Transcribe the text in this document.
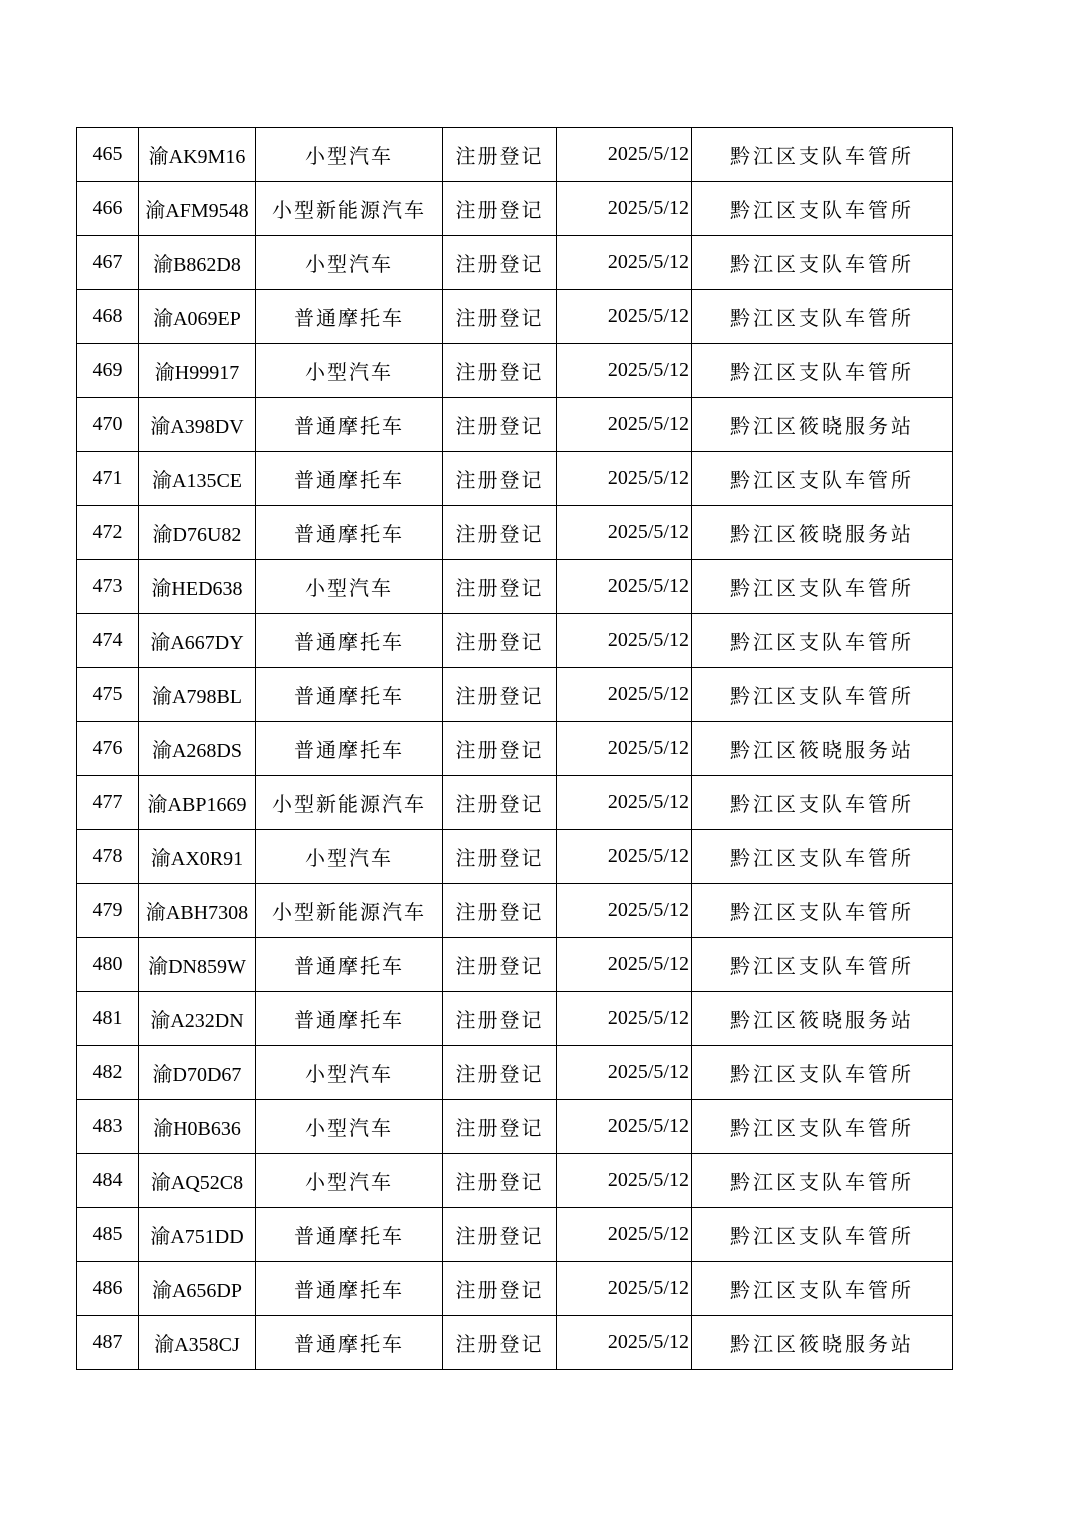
465	渝AK9M16	小型汽车	注册登记	2025/5/12	黔江区支队车管所
466	渝AFM9548	小型新能源汽车	注册登记	2025/5/12	黔江区支队车管所
467	渝B862D8	小型汽车	注册登记	2025/5/12	黔江区支队车管所
468	渝A069EP	普通摩托车	注册登记	2025/5/12	黔江区支队车管所
469	渝H99917	小型汽车	注册登记	2025/5/12	黔江区支队车管所
470	渝A398DV	普通摩托车	注册登记	2025/5/12	黔江区筱晓服务站
471	渝A135CE	普通摩托车	注册登记	2025/5/12	黔江区支队车管所
472	渝D76U82	普通摩托车	注册登记	2025/5/12	黔江区筱晓服务站
473	渝HED638	小型汽车	注册登记	2025/5/12	黔江区支队车管所
474	渝A667DY	普通摩托车	注册登记	2025/5/12	黔江区支队车管所
475	渝A798BL	普通摩托车	注册登记	2025/5/12	黔江区支队车管所
476	渝A268DS	普通摩托车	注册登记	2025/5/12	黔江区筱晓服务站
477	渝ABP1669	小型新能源汽车	注册登记	2025/5/12	黔江区支队车管所
478	渝AX0R91	小型汽车	注册登记	2025/5/12	黔江区支队车管所
479	渝ABH7308	小型新能源汽车	注册登记	2025/5/12	黔江区支队车管所
480	渝DN859W	普通摩托车	注册登记	2025/5/12	黔江区支队车管所
481	渝A232DN	普通摩托车	注册登记	2025/5/12	黔江区筱晓服务站
482	渝D70D67	小型汽车	注册登记	2025/5/12	黔江区支队车管所
483	渝H0B636	小型汽车	注册登记	2025/5/12	黔江区支队车管所
484	渝AQ52C8	小型汽车	注册登记	2025/5/12	黔江区支队车管所
485	渝A751DD	普通摩托车	注册登记	2025/5/12	黔江区支队车管所
486	渝A656DP	普通摩托车	注册登记	2025/5/12	黔江区支队车管所
487	渝A358CJ	普通摩托车	注册登记	2025/5/12	黔江区筱晓服务站
